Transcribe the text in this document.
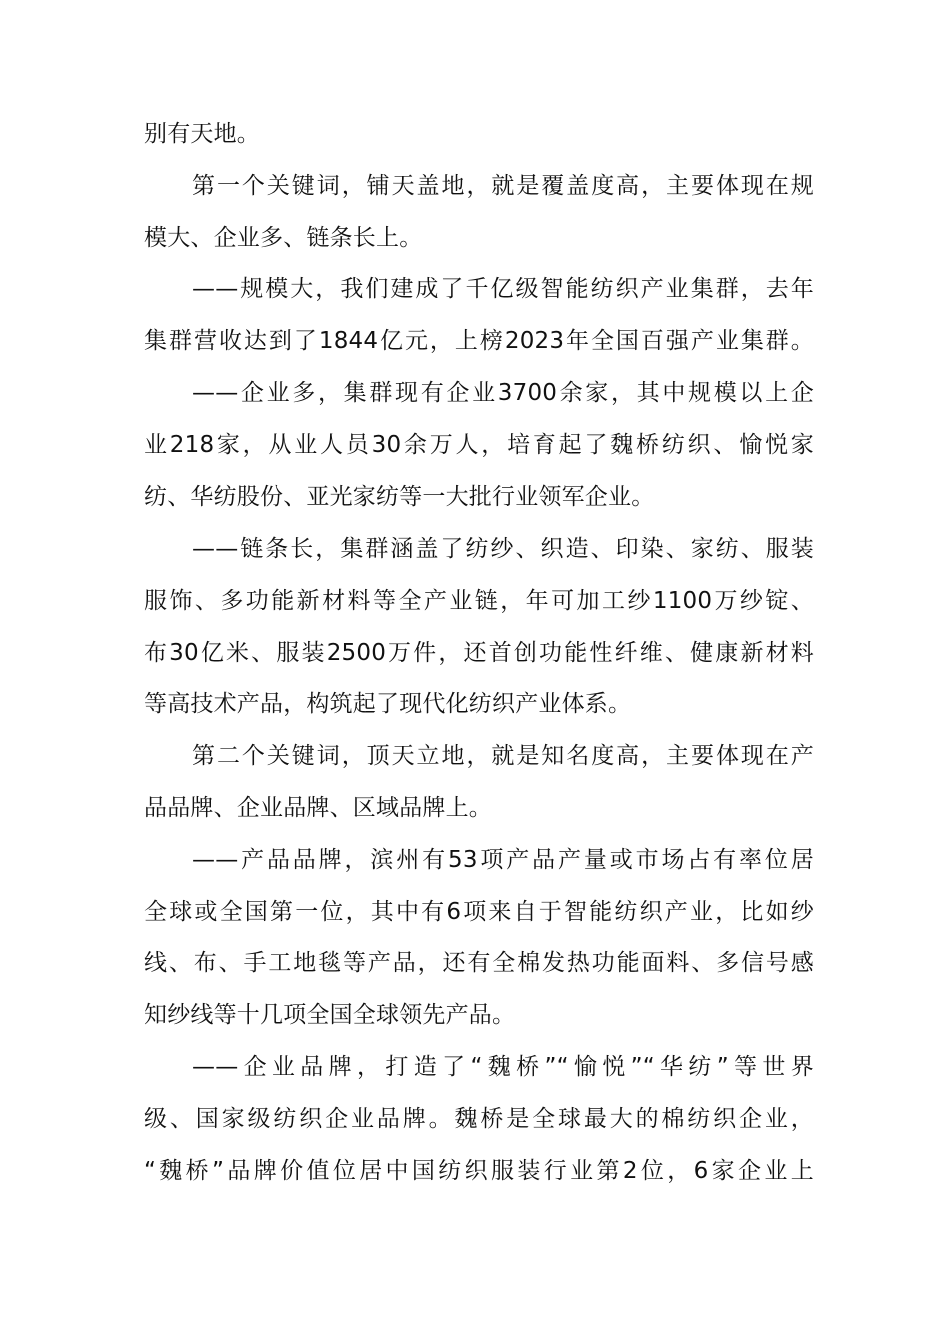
别有天地。
第一个关键词，铺天盖地，就是覆盖度高，主要体现在规
模大、企业多、链条长上。
——规模大，我们建成了千亿级智能纺织产业集群，去年
集群营收达到了1844亿元，上榜2023年全国百强产业集群。
——企业多，集群现有企业3700余家，其中规模以上企
业218家，从业人员30余万人，培育起了魏桥纺织、愉悦家
纺、华纺股份、亚光家纺等一大批行业领军企业。
——链条长，集群涵盖了纺纱、织造、印染、家纺、服装
服饰、多功能新材料等全产业链，年可加工纱1100万纱锭、
布30亿米、服装2500万件，还首创功能性纤维、健康新材料
等高技术产品，构筑起了现代化纺织产业体系。
第二个关键词，顶天立地，就是知名度高，主要体现在产
品品牌、企业品牌、区域品牌上。
——产品品牌，滨州有53项产品产量或市场占有率位居
全球或全国第一位，其中有6项来自于智能纺织产业，比如纱
线、布、手工地毯等产品，还有全棉发热功能面料、多信号感
知纱线等十几项全国全球领先产品。
——企业品牌，打造了“魏桥”“愉悦”“华纺”等世界
级、国家级纺织企业品牌。魏桥是全球最大的棉纺织企业，
“魏桥”品牌价值位居中国纺织服装行业第2位，6家企业上
